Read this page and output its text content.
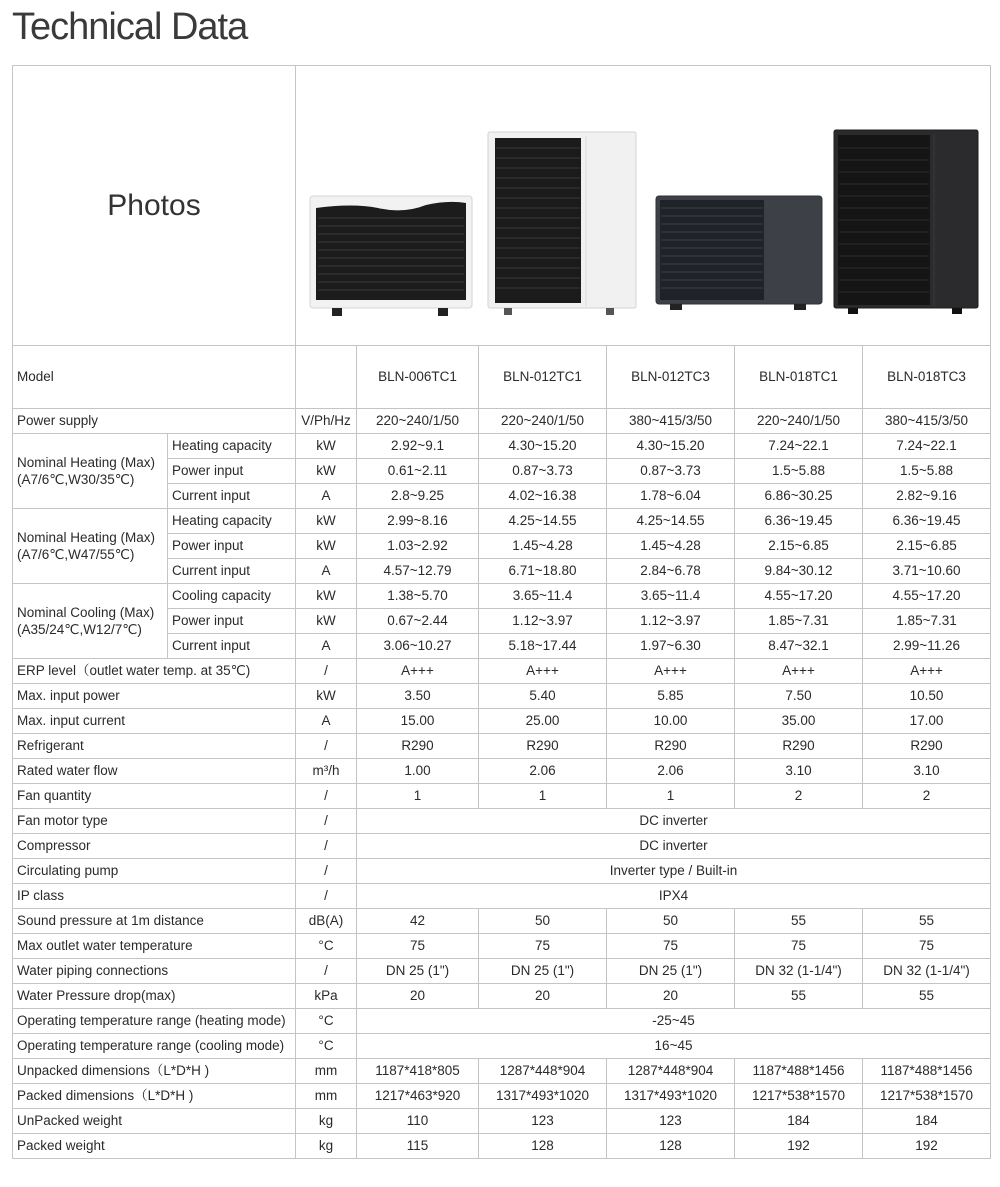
Technical Data
Photos	

Model			BLN-006TC1	BLN-012TC1	BLN-012TC3	BLN-018TC1	BLN-018TC3
Power supply		V/Ph/Hz	220~240/1/50	220~240/1/50	380~415/3/50	220~240/1/50	380~415/3/50

Nominal Heating (Max)
(A7/6℃,W30/35℃)	Heating capacity	kW	2.92~9.1	4.30~15.20	4.30~15.20	7.24~22.1	7.24~22.1
	Power input	kW	0.61~2.11	0.87~3.73	0.87~3.73	1.5~5.88	1.5~5.88
	Current input	A	2.8~9.25	4.02~16.38	1.78~6.04	6.86~30.25	2.82~9.16

Nominal Heating (Max)
(A7/6℃,W47/55℃)	Heating capacity	kW	2.99~8.16	4.25~14.55	4.25~14.55	6.36~19.45	6.36~19.45
	Power input	kW	1.03~2.92	1.45~4.28	1.45~4.28	2.15~6.85	2.15~6.85
	Current input	A	4.57~12.79	6.71~18.80	2.84~6.78	9.84~30.12	3.71~10.60

Nominal Cooling (Max)
(A35/24℃,W12/7℃)	Cooling capacity	kW	1.38~5.70	3.65~11.4	3.65~11.4	4.55~17.20	4.55~17.20
	Power input	kW	0.67~2.44	1.12~3.97	1.12~3.97	1.85~7.31	1.85~7.31
	Current input	A	3.06~10.27	5.18~17.44	1.97~6.30	8.47~32.1	2.99~11.26
ERP level（outlet water temp. at 35℃)		/	A+++	A+++	A+++	A+++	A+++
Max. input power		kW	3.50	5.40	5.85	7.50	10.50
Max. input current		A	15.00	25.00	10.00	35.00	17.00
Refrigerant		/	R290	R290	R290	R290	R290
Rated water flow		m³/h	1.00	2.06	2.06	3.10	3.10
Fan quantity		/	1	1	1	2	2
Fan motor type		/	DC inverter				
Compressor		/	DC inverter				
Circulating pump		/	Inverter type / Built-in				
IP class		/	IPX4				
Sound pressure at 1m distance		dB(A)	42	50	50	55	55
Max outlet water temperature		°C	75	75	75	75	75
Water piping connections		/	DN 25 (1")	DN 25 (1")	DN 25 (1")	DN 32 (1-1/4")	DN 32 (1-1/4")
Water Pressure drop(max)		kPa	20	20	20	55	55
Operating temperature range (heating mode)		°C	-25~45				
Operating temperature range (cooling mode)		°C	16~45				
Unpacked dimensions（L*D*H )		mm	1187*418*805	1287*448*904	1287*448*904	1187*488*1456	1187*488*1456
Packed dimensions（L*D*H )		mm	1217*463*920	1317*493*1020	1317*493*1020	1217*538*1570	1217*538*1570
UnPacked weight		kg	110	123	123	184	184
Packed weight		kg	115	128	128	192	192
